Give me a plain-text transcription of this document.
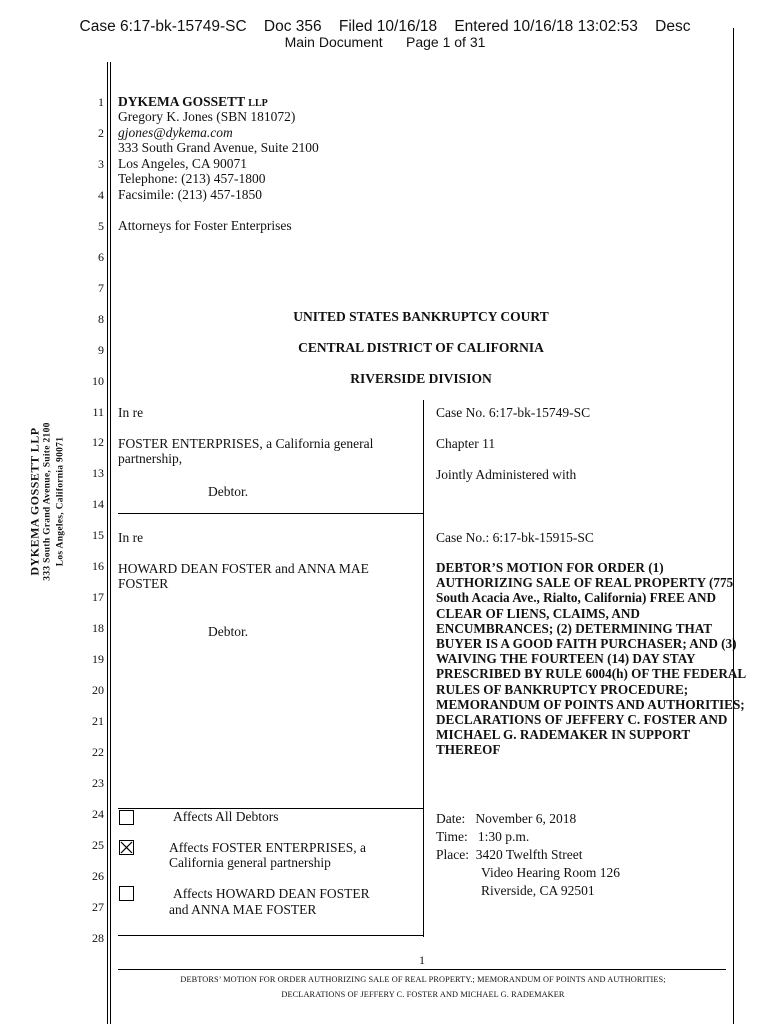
Case 6:17-bk-15749-SC    Doc 356    Filed 10/16/18    Entered 10/16/18 13:02:53    Desc
Main Document      Page 1 of 31
DYKEMA GOSSETT LLP 333 South Grand Avenue, Suite 2100 Los Angeles, California 90071
1
2
3
4
5
6
7
8
9
10
11
12
13
14
15
16
17
18
19
20
21
22
23
24
25
26
27
28
DYKEMA GOSSETT LLP
Gregory K. Jones (SBN 181072)
gjones@dykema.com
333 South Grand Avenue, Suite 2100
Los Angeles, CA 90071
Telephone: (213) 457-1800
Facsimile: (213) 457-1850
Attorneys for Foster Enterprises
UNITED STATES BANKRUPTCY COURT
CENTRAL DISTRICT OF CALIFORNIA
RIVERSIDE DIVISION
In re
FOSTER ENTERPRISES, a California general
partnership,
Debtor.
Case No. 6:17-bk-15749-SC
Chapter 11
Jointly Administered with
In re
HOWARD DEAN FOSTER and ANNA MAE
FOSTER
Debtor.
Case No.: 6:17-bk-15915-SC
DEBTOR’S MOTION FOR ORDER (1) AUTHORIZING SALE OF REAL PROPERTY (775 South Acacia Ave., Rialto, California) FREE AND CLEAR OF LIENS, CLAIMS, AND ENCUMBRANCES; (2) DETERMINING THAT BUYER IS A GOOD FAITH PURCHASER; AND (3) WAIVING THE FOURTEEN (14) DAY STAY PRESCRIBED BY RULE 6004(h) OF THE FEDERAL RULES OF BANKRUPTCY PROCEDURE; MEMORANDUM OF POINTS AND AUTHORITIES; DECLARATIONS OF JEFFERY C. FOSTER AND MICHAEL G. RADEMAKER IN SUPPORT THEREOF
Affects All Debtors
Affects FOSTER ENTERPRISES, a
California general partnership
Affects HOWARD DEAN FOSTER
and ANNA MAE FOSTER
Date: November 6, 2018
Time: 1:30 p.m.
Place: 3420 Twelfth Street
Video Hearing Room 126
Riverside, CA 92501
1
DEBTORS’ MOTION FOR ORDER AUTHORIZING SALE OF REAL PROPERTY.; MEMORANDUM OF POINTS AND AUTHORITIES;
DECLARATIONS OF JEFFERY C. FOSTER AND MICHAEL G. RADEMAKER
